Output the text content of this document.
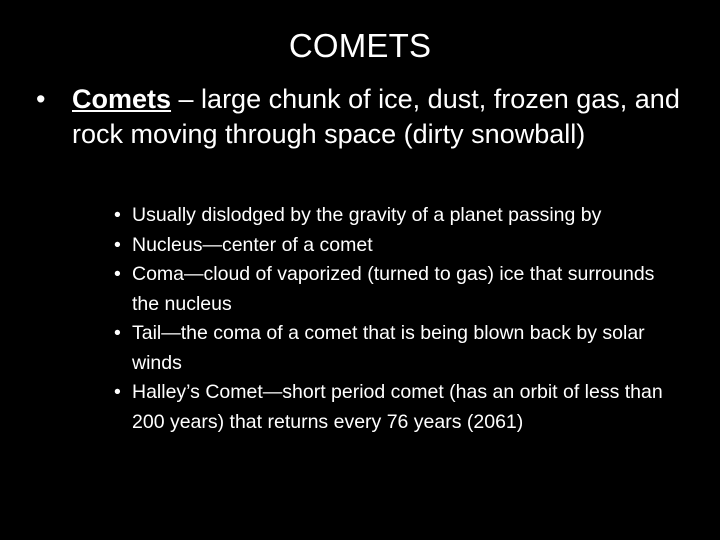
COMETS
• Comets – large chunk of ice, dust, frozen gas, and rock moving through space (dirty snowball)
• Usually dislodged by the gravity of a planet passing by
• Nucleus—center of a comet
• Coma—cloud of vaporized (turned to gas) ice that surrounds the nucleus
• Tail—the coma of a comet that is being blown back by solar winds
• Halley’s Comet—short period comet (has an orbit of less than 200 years) that returns every 76 years (2061)
